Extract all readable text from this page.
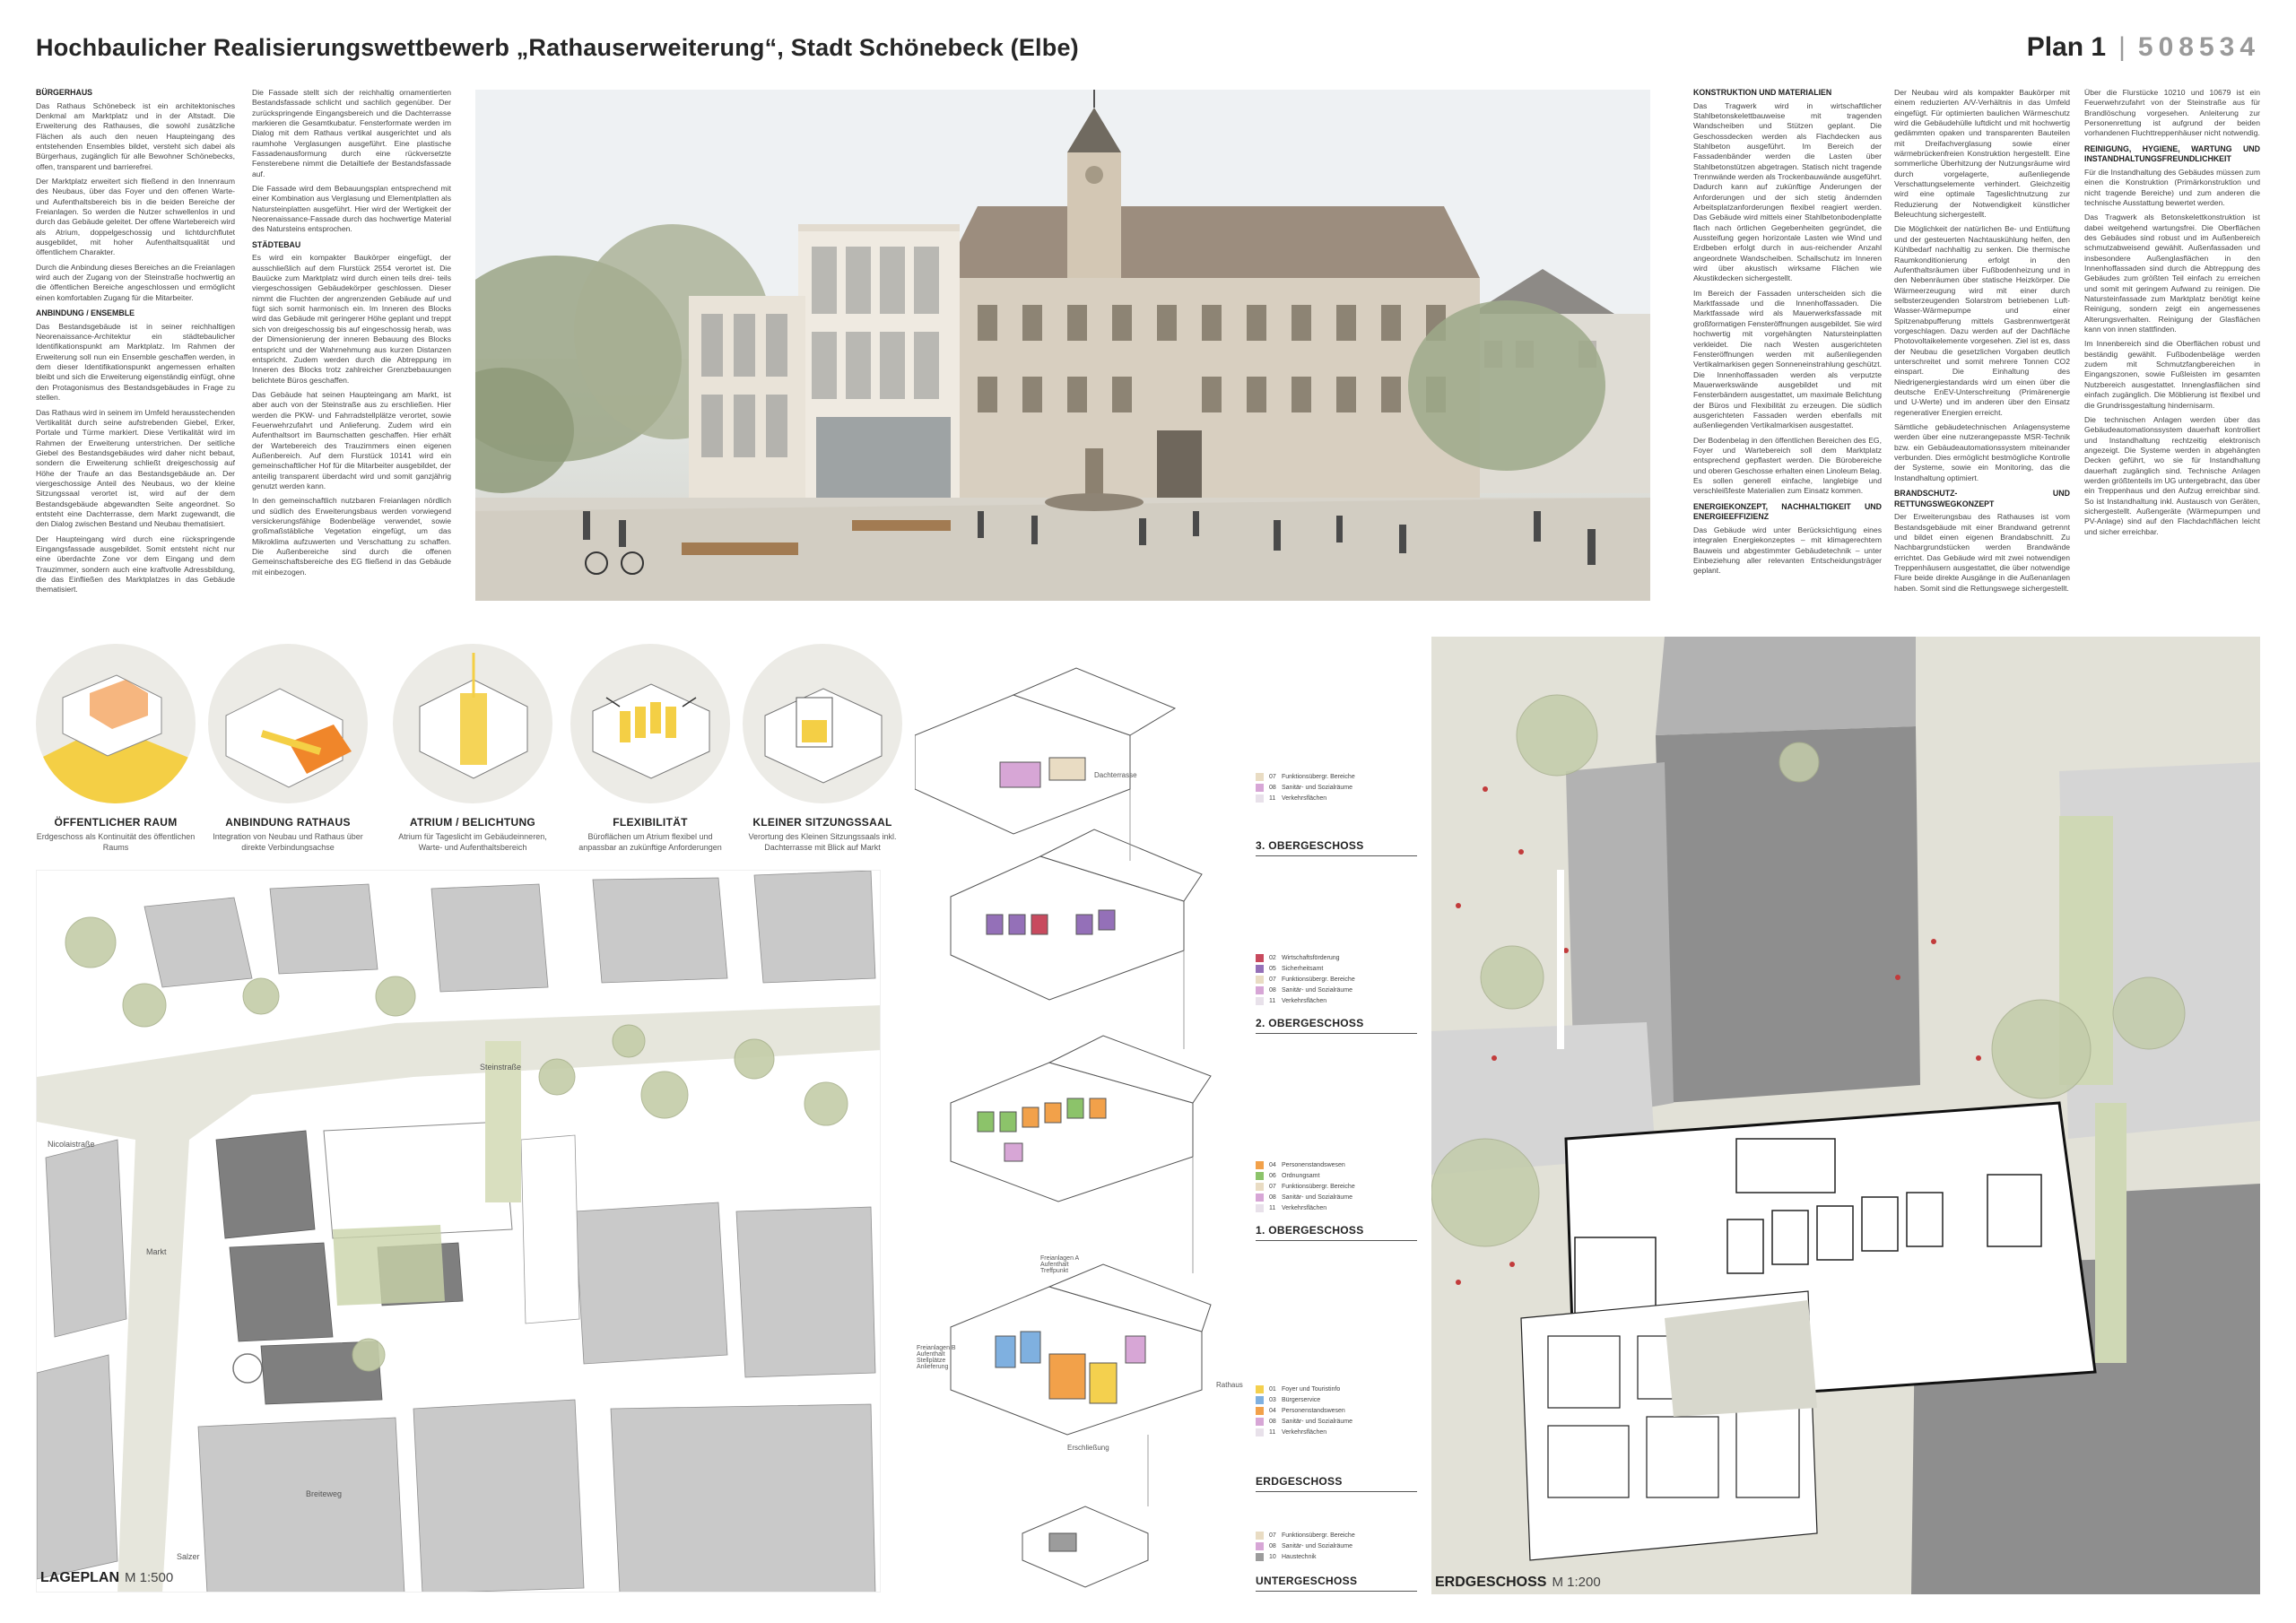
Hochbaulicher Realisierungswettbewerb „Rathauserweiterung“, Stadt Schönebeck (Elbe)	Plan 1 | 508534
BÜRGERHAUS

Das Rathaus Schönebeck ist ein architektonisches Denkmal am Marktplatz und in der Altstadt. Die Erweiterung des Rathauses, die sowohl zusätzliche Flächen als auch den neuen Haupteingang des entstehenden Ensembles bildet, versteht sich dabei als Bürgerhaus, zugänglich für alle Bewohner Schönebecks, offen, transparent und barrierefrei.

Der Marktplatz erweitert sich fließend in den Innenraum des Neubaus, über das Foyer und den offenen Warte- und Aufenthaltsbereich bis in die beiden Bereiche der Freianlagen. So werden die Nutzer schwellenlos in und durch das Gebäude geleitet. Der offene Wartebereich wird als Atrium, doppelgeschossig und lichtdurchflutet ausgebildet, mit hoher Aufenthaltsqualität und öffentlichem Charakter.

Durch die Anbindung dieses Bereiches an die Freianlagen wird auch der Zugang von der Steinstraße hochwertig an die öffentlichen Bereiche angeschlossen und ermöglicht einen komfortablen Zugang für die Mitarbeiter.

ANBINDUNG / ENSEMBLE

Das Bestandsgebäude ist in seiner reichhaltigen Neorenaissance-Architektur ein städtebaulicher Identifikationspunkt am Marktplatz. Im Rahmen der Erweiterung soll nun ein Ensemble geschaffen werden, in dem dieser Identifikationspunkt angemessen erhalten bleibt und sich die Erweiterung eigenständig einfügt, ohne den Protagonismus des Bestandsgebäudes in Frage zu stellen.

Das Rathaus wird in seinem im Umfeld herausstechenden Vertikalität durch seine aufstrebenden Giebel, Erker, Portale und Türme markiert. Diese Vertikalität wird im Rahmen der Erweiterung unterstrichen. Der seitliche Giebel des Bestandsgebäudes wird daher nicht bebaut, sondern die Erweiterung schließt dreigeschossig auf Höhe der Traufe an das Bestandsgebäude an. Der viergeschossige Anteil des Neubaus, wo der kleine Sitzungssaal verortet ist, wird auf der dem Bestandsgebäude abgewandten Seite angeordnet. So entsteht eine Dachterrasse, dem Markt zugewandt, die den Dialog zwischen Bestand und Neubau thematisiert.

Der Haupteingang wird durch eine rückspringende Eingangsfassade ausgebildet. Somit entsteht nicht nur eine überdachte Zone vor dem Eingang und dem Trauzimmer, sondern auch eine kraftvolle Adressbildung, die das Einfließen des Marktplatzes in das Gebäude thematisiert.

Die Fassade stellt sich der reichhaltig ornamentierten Bestandsfassade schlicht und sachlich gegenüber. Der zurückspringende Eingangsbereich und die Dachterrasse markieren die Gesamtkubatur. Fensterformate werden im Dialog mit dem Rathaus vertikal ausgerichtet und als raumhohe Verglasungen ausgeführt. Eine plastische Fassadenausformung durch eine rückversetzte Fensterebene nimmt die Detailtiefe der Bestandsfassade auf.

Die Fassade wird dem Bebauungsplan entsprechend mit einer Kombination aus Verglasung und Elementplatten als Natursteinplatten ausgeführt. Hier wird der Wertigkeit der Neorenaissance-Fassade durch das hochwertige Material des Natursteins entsprochen.

STÄDTEBAU

Es wird ein kompakter Baukörper eingefügt, der ausschließlich auf dem Flurstück 2554 verortet ist. Die Bauücke zum Marktplatz wird durch einen teils drei- teils viergeschossigen Gebäudekörper geschlossen. Dieser nimmt die Fluchten der angrenzenden Gebäude auf und fügt sich somit harmonisch ein. Im Inneren des Blocks wird das Gebäude mit geringerer Höhe geplant und treppt sich von dreigeschossig bis auf eingeschossig herab, was der Dimensionierung der inneren Bebauung des Blocks entspricht und der Wahrnehmung aus kurzen Distanzen entspricht. Zudem werden durch die Abtreppung im Inneren des Blocks trotz zahlreicher Grenzbebauungen belichtete Büros geschaffen.

Das Gebäude hat seinen Haupteingang am Markt, ist aber auch von der Steinstraße aus zu erschließen. Hier werden die PKW- und Fahrradstellplätze verortet, sowie Feuerwehrzufahrt und Anlieferung. Zudem wird ein Aufenthaltsort im Baumschatten geschaffen. Hier erhält der Wartebereich des Trauzimmers einen eigenen Außenbereich. Auf dem Flurstück 10141 wird ein gemeinschaftlicher Hof für die Mitarbeiter ausgebildet, der anteilig transparent überdacht wird und somit ganzjährig genutzt werden kann.

In den gemeinschaftlich nutzbaren Freianlagen nördlich und südlich des Erweiterungsbaus werden vorwiegend versickerungsfähige Bodenbeläge verwendet, sowie großmaßstäbliche Vegetation eingefügt, um das Mikroklima aufzuwerten und Verschattung zu schaffen. Die Außenbereiche sind durch die offenen Gemeinschaftsbereiche des EG fließend in das Gebäude mit einbezogen.

KONSTRUKTION UND MATERIALIEN

Das Tragwerk wird in wirtschaftlicher Stahlbetonskelettbauweise mit tragenden Wandscheiben und Stützen geplant. Die Geschossdecken werden als Flachdecken aus Stahlbeton ausgeführt. Im Bereich der Fassadenbänder werden die Lasten über Stahlbetonstützen abgetragen. Statisch nicht tragende Trennwände werden als Trockenbauwände ausgeführt. Dadurch kann auf zukünftige Änderungen der Anforderungen und der sich stetig ändernden Arbeitsplatzanforderungen flexibel reagiert werden. Das Gebäude wird mittels einer Stahlbetonbodenplatte flach nach örtlichen Gegebenheiten gegründet, die Aussteifung gegen horizontale Lasten wie Wind und Erdbeben erfolgt durch in aus-reichender Anzahl angeordnete Wandscheiben. Schallschutz im Inneren wird über akustisch wirksame Flächen wie Akustikdecken sichergestellt.

Im Bereich der Fassaden unterscheiden sich die Marktfassade und die Innenhoffassaden. Die Marktfassade wird als Mauerwerksfassade mit großformatigen Fensteröffnungen ausgebildet. Sie wird hochwertig mit vorgehängten Natursteinplatten verkleidet. Die nach Westen ausgerichteten Fensteröffnungen werden mit außenliegenden Vertikalmarkisen gegen Sonneneinstrahlung geschützt. Die Innenhoffassaden werden als verputzte Mauerwerkswände ausgebildet und mit Fensterbändern ausgestattet, um maximale Belichtung der Büros und Flexibilität zu erzeugen. Die südlich ausgerichteten Fassaden werden ebenfalls mit außenliegenden Vertikalmarkisen ausgestattet.

Der Bodenbelag in den öffentlichen Bereichen des EG, Foyer und Wartebereich soll dem Marktplatz entsprechend gepflastert werden. Die Bürobereiche und oberen Geschosse erhalten einen Linoleum Belag. Es sollen generell einfache, langlebige und verschleißfeste Materialien zum Einsatz kommen.

ENERGIEKONZEPT, NACHHALTIGKEIT UND ENERGIEEFFIZIENZ

Das Gebäude wird unter Berücksichtigung eines integralen Energiekonzeptes – mit klimagerechtem Bauweis und abgestimmter Gebäudetechnik – unter Einbeziehung aller relevanten Entscheidungsträger geplant.

Der Neubau wird als kompakter Baukörper mit einem reduzierten A/V-Verhältnis in das Umfeld eingefügt. Für optimierten baulichen Wärmeschutz wird die Gebäudehülle luftdicht und mit hochwertig gedämmten opaken und transparenten Bauteilen mit Dreifachverglasung sowie einer wärmebrückenfreien Konstruktion hergestellt. Eine sommerliche Überhitzung der Nutzungsräume wird durch vorgelagerte, außenliegende Verschattungselemente verhindert. Gleichzeitig wird eine optimale Tageslichtnutzung zur Reduzierung der Notwendigkeit künstlicher Beleuchtung sichergestellt.

Die Möglichkeit der natürlichen Be- und Entlüftung und der gesteuerten Nachtauskühlung helfen, den Kühlbedarf nachhaltig zu senken. Die thermische Raumkonditionierung erfolgt in den Aufenthaltsräumen über Fußbodenheizung und in den Nebenräumen über statische Heizkörper. Die Wärmeerzeugung wird mit einer durch selbsterzeugenden Solarstrom betriebenen Luft-Wasser-Wärmepumpe und einer Spitzenabpufferung mittels Gasbrennwertgerät vorgeschlagen. Dazu werden auf der Dachfläche Photovoltaikelemente vorgesehen. Ziel ist es, dass der Neubau die gesetzlichen Vorgaben deutlich unterschreitet und somit mehrere Tonnen CO2 einspart. Die Einhaltung des Niedrigenergiestandards wird um einen über die deutsche EnEV-Unterschreitung (Primärenergie und U-Werte) und im anderen über den Einsatz regenerativer Energien erreicht.

Sämtliche gebäudetechnischen Anlagensysteme werden über eine nutzerangepasste MSR-Technik bzw. ein Gebäudeautomationssystem miteinander verbunden. Dies ermöglicht bestmögliche Kontrolle der Systeme, sowie ein Monitoring, das die Instandhaltung optimiert.

BRANDSCHUTZ- UND RETTUNGSWEGKONZEPT

Der Erweiterungsbau des Rathauses ist vom Bestandsgebäude mit einer Brandwand getrennt und bildet einen eigenen Brandabschnitt. Zu Nachbargrundstücken werden Brandwände errichtet. Das Gebäude wird mit zwei notwendigen Treppenhäusern ausgestattet, die über notwendige Flure beide direkte Ausgänge in die Außenanlagen haben. Somit sind die Rettungswege sichergestellt.

Über die Flurstücke 10210 und 10679 ist ein Feuerwehrzufahrt von der Steinstraße aus für Brandlöschung vorgesehen. Anleiterung zur Personenrettung ist aufgrund der beiden vorhandenen Fluchttreppenhäuser nicht notwendig.

REINIGUNG, HYGIENE, WARTUNG UND INSTANDHALTUNGSFREUNDLICHKEIT

Für die Instandhaltung des Gebäudes müssen zum einen die Konstruktion (Primärkonstruktion und nicht tragende Bereiche) und zum anderen die technische Ausstattung bewertet werden.

Das Tragwerk als Betonskelettkonstruktion ist dabei weitgehend wartungsfrei. Die Oberflächen des Gebäudes sind robust und im Außenbereich schmutzabweisend gewählt. Außenfassaden und insbesondere Außenglasflächen in den Innenhoffassaden sind durch die Abtreppung des Gebäudes zum größten Teil einfach zu erreichen und somit mit geringem Aufwand zu reinigen. Die Natursteinfassade zum Marktplatz benötigt keine Reinigung, sondern zeigt ein angemessenes Alterungsverhalten. Reinigung der Glasflächen kann von innen stattfinden.

Im Innenbereich sind die Oberflächen robust und beständig gewählt. Fußbodenbeläge werden zudem mit Schmutzfangbereichen in Eingangszonen, sowie Fußleisten im gesamten Nutzbereich ausgestattet. Innenglasflächen sind einfach zugänglich. Die Möblierung ist flexibel und die Grundrissgestaltung hindernisarm.

Die technischen Anlagen werden über das Gebäudeautomationssystem dauerhaft kontrolliert und Instandhaltung rechtzeitig elektronisch angezeigt. Die Systeme werden in abgehängten Decken geführt, wo sie für Instandhaltung dauerhaft zugänglich sind. Technische Anlagen werden größtenteils im UG untergebracht, das über ein Treppenhaus und den Aufzug erreichbar sind. So ist Instandhaltung inkl. Austausch von Geräten, sichergestellt. Außengeräte (Wärmepumpen und PV-Anlage) sind auf den Flachdachflächen leicht und sicher erreichbar.

ÖFFENTLICHER RAUM
Erdgeschoss als Kontinuität des öffentlichen Raums
ANBINDUNG RATHAUS
Integration von Neubau und Rathaus über direkte Verbindungsachse
ATRIUM / BELICHTUNG
Atrium für Tageslicht im Gebäudeinneren, Warte- und Aufenthaltsbereich
FLEXIBILITÄT
Büroflächen um Atrium flexibel und anpassbar an zukünftige Anforderungen
KLEINER SITZUNGSSAAL
Verortung des Kleinen Sitzungssaals inkl. Dachterrasse mit Blick auf Markt
Steinstraße
Nicolaistraße
Markt
Breiteweg
Salzer
LAGEPLAN M 1:500
Dachterrasse
Freianlagen A Aufenthalt Treffpunkt
Freianlagen B Aufenthalt Stellplätze Anlieferung
Rathaus
Erschließung
07 Funktionsübergr. Bereiche
08 Sanitär- und Sozialräume
11 Verkehrsflächen
3. OBERGESCHOSS
02 Wirtschaftsförderung
05 Sicherheitsamt
07 Funktionsübergr. Bereiche
08 Sanitär- und Sozialräume
11 Verkehrsflächen
2. OBERGESCHOSS
04 Personenstandswesen
06 Ordnungsamt
07 Funktionsübergr. Bereiche
08 Sanitär- und Sozialräume
11 Verkehrsflächen
1. OBERGESCHOSS
01 Foyer und Touristinfo
03 Bürgerservice
04 Personenstandswesen
08 Sanitär- und Sozialräume
11 Verkehrsflächen
ERDGESCHOSS
07 Funktionsübergr. Bereiche
08 Sanitär- und Sozialräume
10 Haustechnik
UNTERGESCHOSS	ERDGESCHOSS M 1:200
